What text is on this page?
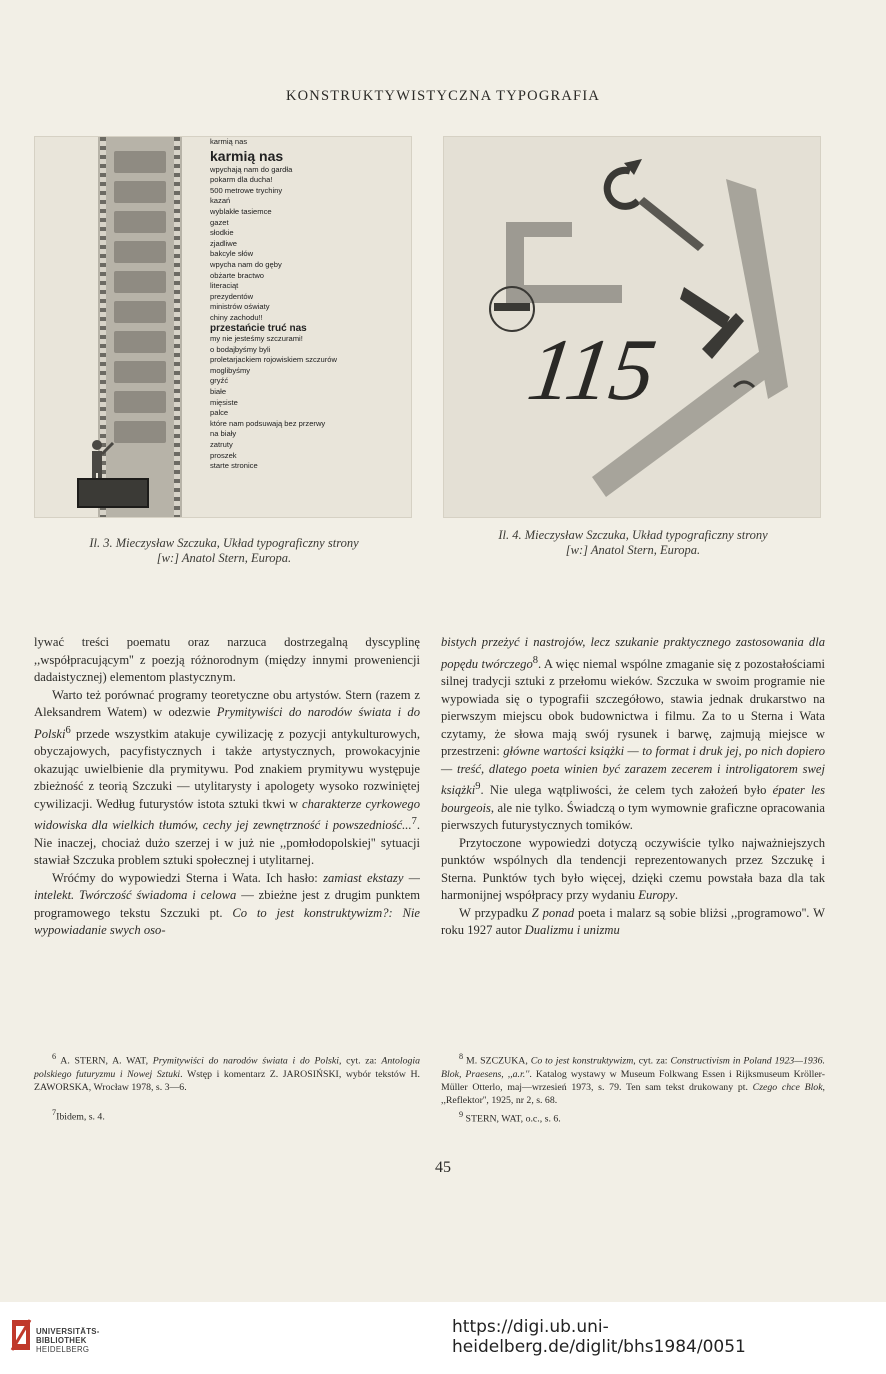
KONSTRUKTYWISTYCZNA TYPOGRAFIA
karmią nas
karmią nas
wpychają nam do gardła
pokarm dla ducha!
500 metrowe trychiny
kazań
wyblakłe tasiemce
gazet
słodkie
zjadliwe
bakcyle słów
wpycha nam do gęby
obżarte bractwo
literaciąt
prezydentów
ministrów oświaty
chiny zachodu!!
przestańcie truć nas
my nie jesteśmy szczurami!
o bodajbyśmy byli
proletarjackiem rojowiskiem szczurów
moglibyśmy
gryźć
białe
mięsiste
palce
które nam podsuwają bez przerwy
na biały
zatruty
proszek
starte stronice
115
Il. 3. Mieczysław Szczuka, Układ typograficzny strony
[w:] Anatol Stern, Europa.
Il. 4. Mieczysław Szczuka, Układ typograficzny strony
[w:] Anatol Stern, Europa.

lywać treści poematu oraz narzuca dostrzegalną dyscyplinę ,,współpracującym'' z poezją różnorodnym (między innymi proweniencji dadaistycznej) elementom plastycznym.

Warto też porównać programy teoretyczne obu artystów. Stern (razem z Aleksandrem Watem) w odezwie Prymitywiści do narodów świata i do Polski$^6$ przede wszystkim atakuje cywilizację z pozycji antykulturowych, obyczajowych, pacyfistycznych i także artystycznych, prowokacyjnie okazując uwielbienie dla prymitywu. Pod znakiem prymitywu występuje zbieżność z teorią Szczuki — utylitarysty i apologety wysoko rozwiniętej cywilizacji. Według futurystów istota sztuki tkwi w charakterze cyrkowego widowiska dla wielkich tłumów, cechy jej zewnętrzność i powszedniość...$^7$. Nie inaczej, chociaż dużo szerzej i w już nie ,,pomłodopolskiej'' sytuacji stawiał Szczuka problem sztuki społecznej i utylitarnej.

Wróćmy do wypowiedzi Sterna i Wata. Ich hasło: zamiast ekstazy — intelekt. Twórczość świadoma i celowa — zbieżne jest z drugim punktem programowego tekstu Szczuki pt. Co to jest konstruktywizm?: Nie wypowiadanie swych oso-

bistych przeżyć i nastrojów, lecz szukanie praktycznego zastosowania dla popędu twórczego$^8$. A więc niemal wspólne zmaganie się z pozostałościami silnej tradycji sztuki z przełomu wieków. Szczuka w swoim programie nie wypowiada się o typografii szczegółowo, stawia jednak drukarstwo na pierwszym miejscu obok budownictwa i filmu. Za to u Sterna i Wata czytamy, że słowa mają swój rysunek i barwę, zajmują miejsce w przestrzeni: główne wartości książki — to format i druk jej, po nich dopiero — treść, dlatego poeta winien być zarazem zecerem i introligatorem swej książki$^9$. Nie ulega wątpliwości, że celem tych założeń było épater les bourgeois, ale nie tylko. Świadczą o tym wymownie graficzne opracowania pierwszych futurystycznych tomików.

Przytoczone wypowiedzi dotyczą oczywiście tylko najważniejszych punktów wspólnych dla tendencji reprezentowanych przez Szczukę i Sterna. Punktów tych było więcej, dzięki czemu powstała baza dla tak harmonijnej współpracy przy wydaniu Europy.

W przypadku Z ponad poeta i malarz są sobie bliżsi ,,programowo''. W roku 1927 autor Dualizmu i unizmu

$^6$ A. STERN, A. WAT, Prymitywiści do narodów świata i do Polski, cyt. za: Antologia polskiego futuryzmu i Nowej Sztuki. Wstęp i komentarz Z. JAROSIŃSKI, wybór tekstów H. ZAWORSKA, Wrocław 1978, s. 3—6.

$^7$Ibidem, s. 4.

$^8$ M. SZCZUKA, Co to jest konstruktywizm, cyt. za: Constructivism in Poland 1923—1936. Blok, Praesens, ,,a.r.''. Katalog wystawy w Museum Folkwang Essen i Rijksmuseum Kröller-Müller Otterlo, maj—wrzesień 1973, s. 79. Ten sam tekst drukowany pt. Czego chce Blok, ,,Reflektor'', 1925, nr 2, s. 68.

$^9$ STERN, WAT, o.c., s. 6.

45
UNIVERSITÄTS-
BIBLIOTHEK
HEIDELBERG
https://digi.ub.uni-heidelberg.de/diglit/bhs1984/0051
